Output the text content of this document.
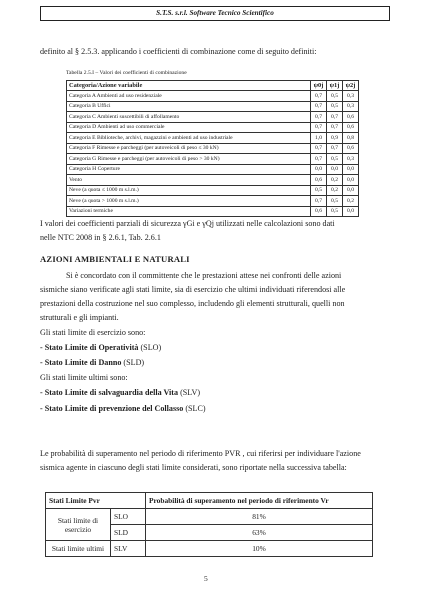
S.T.S. s.r.l. Software Tecnico Scientifico
definito al § 2.5.3. applicando i coefficienti di combinazione come di seguito definiti:
Tabella 2.5.I – Valori dei coefficienti di combinazione
Categoria/Azione variabile	ψ0j	ψ1j	ψ2j
Categoria A Ambienti ad uso residenziale	0,7	0,5	0,3
Categoria B Uffici	0,7	0,5	0,3
Categoria C Ambienti suscettibili di affollamento	0,7	0,7	0,6
Categoria D Ambienti ad uso commerciale	0,7	0,7	0,6
Categoria E Biblioteche, archivi, magazzini e ambienti ad uso industriale	1,0	0,9	0,8
Categoria F Rimesse e parcheggi (per autoveicoli di peso ≤ 30 kN)	0,7	0,7	0,6
Categoria G Rimesse e parcheggi (per autoveicoli di peso > 30 kN)	0,7	0,5	0,3
Categoria H Coperture	0,0	0,0	0,0
Vento	0,6	0,2	0,0
Neve (a quota ≤ 1000 m s.l.m.)	0,5	0,2	0,0
Neve (a quota > 1000 m s.l.m.)	0,7	0,5	0,2
Variazioni termiche	0,6	0,5	0,0
I valori dei coefficienti parziali di sicurezza γGi e γQj utilizzati nelle calcolazioni sono dati
nelle NTC 2008 in § 2.6.1, Tab. 2.6.1
AZIONI AMBIENTALI E NATURALI
Si è concordato con il committente che le prestazioni attese nei confronti delle azioni
sismiche siano verificate agli stati limite, sia di esercizio che ultimi individuati riferendosi alle
prestazioni della costruzione nel suo complesso, includendo gli elementi strutturali, quelli non
strutturali e gli impianti.
Gli stati limite di esercizio sono:
- Stato Limite di Operatività (SLO)
- Stato Limite di Danno (SLD)
Gli stati limite ultimi sono:
- Stato Limite di salvaguardia della Vita (SLV)
- Stato Limite di prevenzione del Collasso (SLC)
Le probabilità di superamento nel periodo di riferimento PVR , cui riferirsi per individuare l'azione
sismica agente in ciascuno degli stati limite considerati, sono riportate nella successiva tabella:
Stati Limite Pvr		Probabilità di superamento nel periodo di riferimento Vr
Stati limite di
esercizio	SLO	81%
	SLD	63%
Stati limite ultimi	SLV	10%
5
